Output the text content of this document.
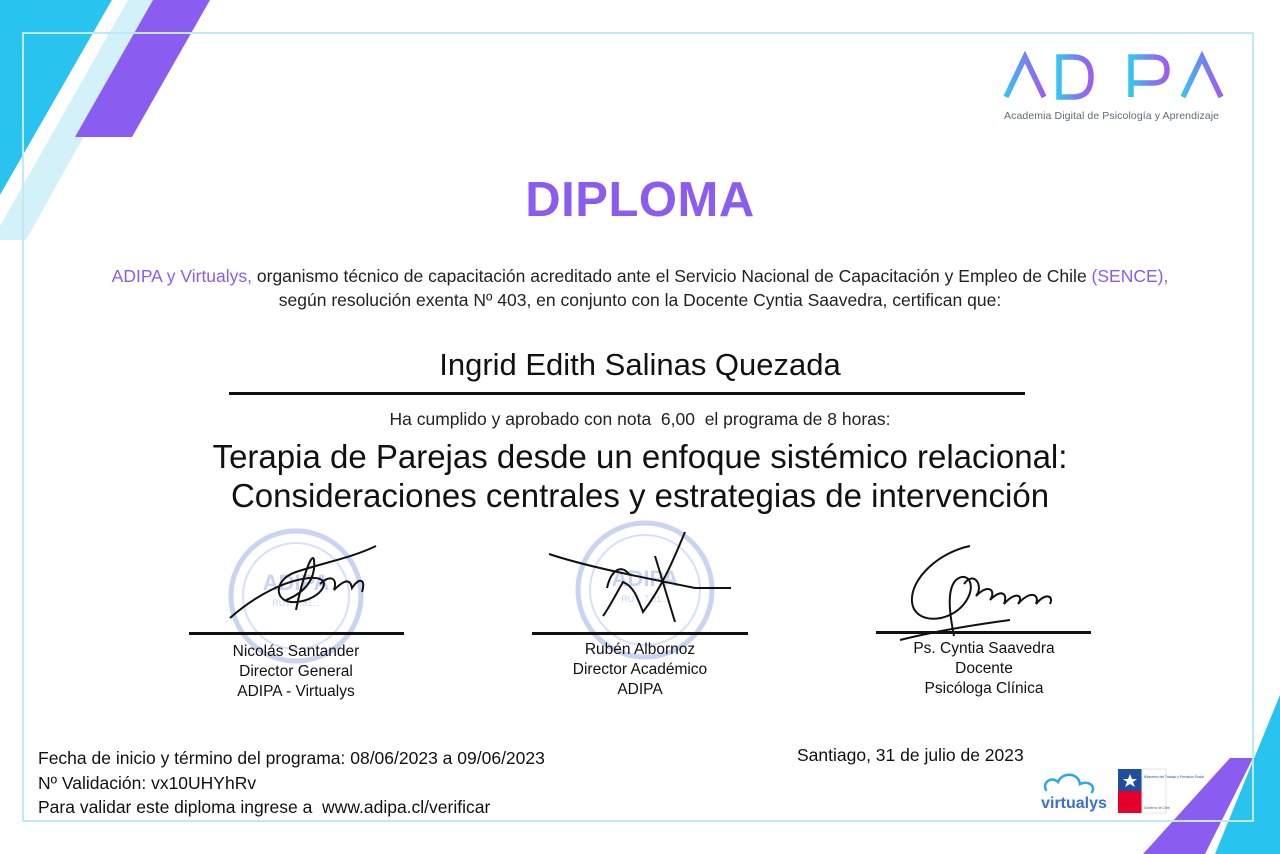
Academia Digital de Psicología y Aprendizaje
DIPLOMA
ADIPA y Virtualys, organismo técnico de capacitación acreditado ante el Servicio Nacional de Capacitación y Empleo de Chile (SENCE), según resolución exenta Nº 403, en conjunto con la Docente Cyntia Saavedra, certifican que:
Ingrid Edith Salinas Quezada
Ha cumplido y aprobado con nota  6,00  el programa de 8 horas:
Terapia de Parejas desde un enfoque sistémico relacional:
Consideraciones centrales y estrategias de intervención
ADIPA
RUT: 7.81...
ADIPA
RUT: 7.81...
Nicolás Santander
Director General
ADIPA - Virtualys
Rubén Albornoz
Director Académico
ADIPA
Ps. Cyntia Saavedra
Docente
Psicóloga Clínica
Fecha de inicio y término del programa: 08/06/2023 a 09/06/2023
Nº Validación: vx10UHYhRv
Para validar este diploma ingrese a  www.adipa.cl/verificar
Santiago, 31 de julio de 2023
virtualys
Ministerio del Trabajo y Previsión Social
Gobierno de Chile
